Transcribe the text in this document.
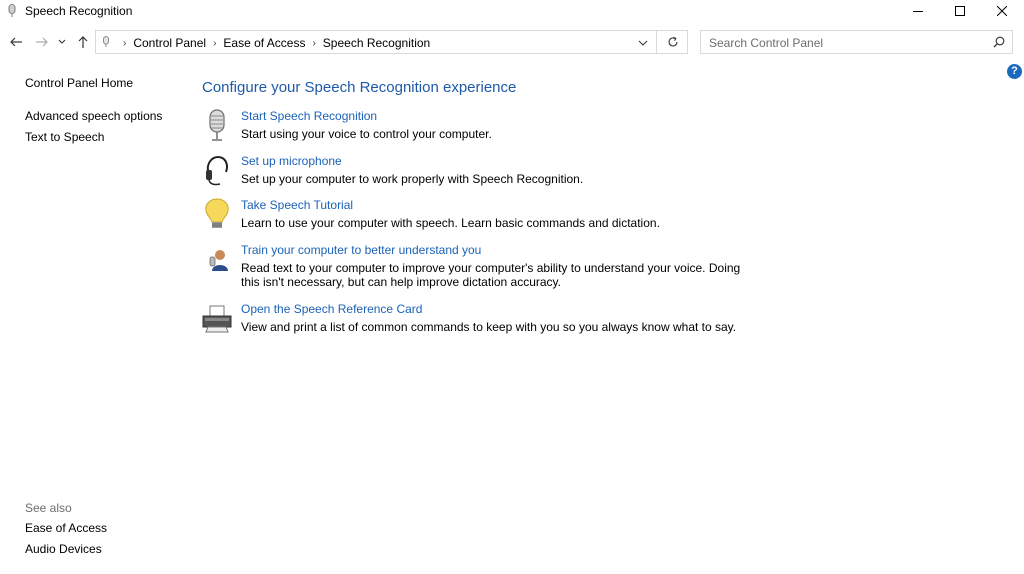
Speech Recognition
› Control Panel › Ease of Access › Speech Recognition	Search Control Panel
?
Control Panel Home
Advanced speech options
Text to Speech
See also
Ease of Access
Audio Devices
Configure your Speech Recognition experience
Start Speech Recognition
Start using your voice to control your computer.
Set up microphone
Set up your computer to work properly with Speech Recognition.
Take Speech Tutorial
Learn to use your computer with speech. Learn basic commands and dictation.
Train your computer to better understand you
Read text to your computer to improve your computer's ability to understand your voice. Doing this isn't necessary, but can help improve dictation accuracy.
Open the Speech Reference Card
View and print a list of common commands to keep with you so you always know what to say.
